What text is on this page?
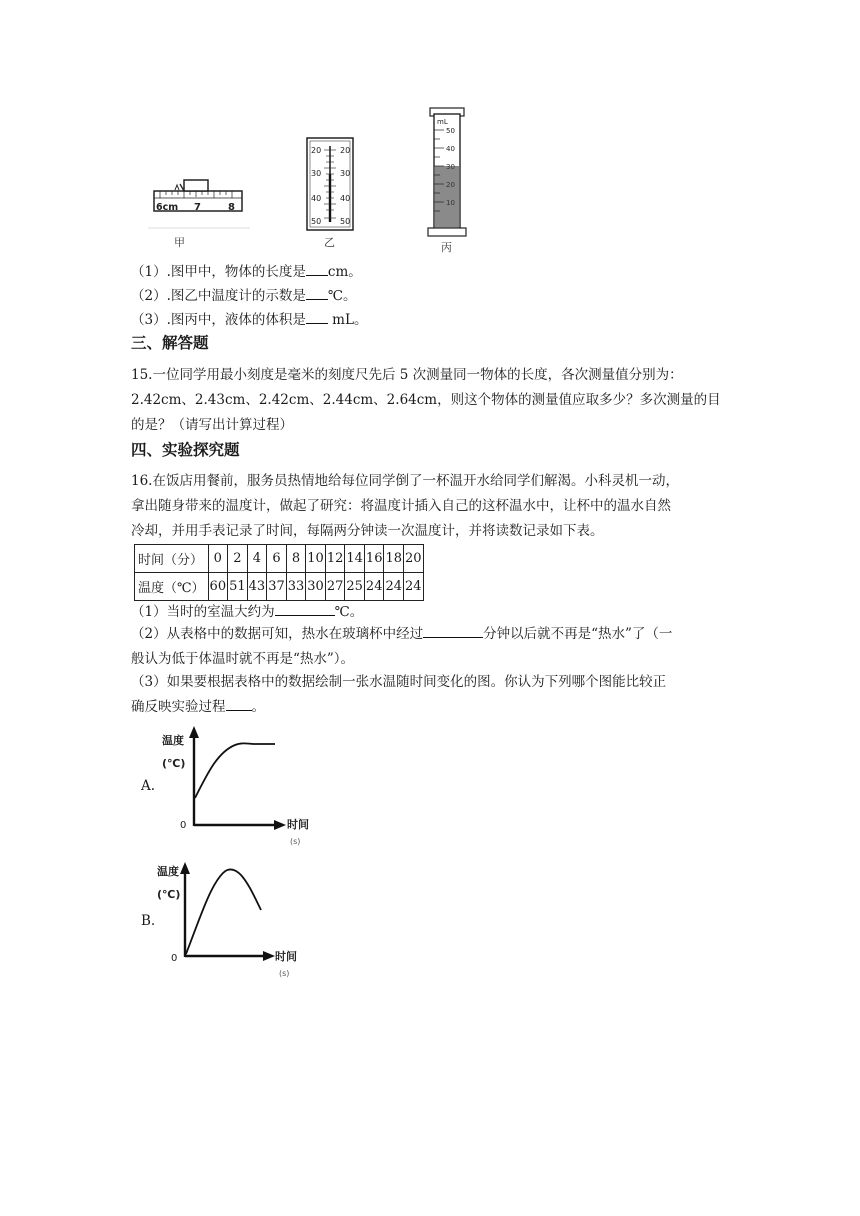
6cm 7	8
甲
20
30
40
50
20
30
40
50
乙
mL
50
40
30
20
10
丙
（1）.图甲中，物体的长度是 cm。
（2）.图乙中温度计的示数是 ℃。
（3）.图丙中，液体的体积是 mL。
三、解答题
15.一位同学用最小刻度是毫米的刻度尺先后 5 次测量同一物体的长度，各次测量值分别为：
2.42cm、2.43cm、2.42cm、2.44cm、2.64cm，则这个物体的测量值应取多少？多次测量的目
的是？（请写出计算过程）
四、实验探究题
16.在饭店用餐前，服务员热情地给每位同学倒了一杯温开水给同学们解渴。小科灵机一动，
拿出随身带来的温度计，做起了研究：将温度计插入自己的这杯温水中，让杯中的温水自然
冷却，并用手表记录了时间，每隔两分钟读一次温度计，并将读数记录如下表。
时间（分）	0	2	4	6	8	10	12	14	16	18	20
温度（℃）	60	51	43	37	33	30	27	25	24	24	24
（1）当时的室温大约为	℃。
（2）从表格中的数据可知，热水在玻璃杯中经过	分钟以后就不再是“热水”了（一
般认为低于体温时就不再是“热水”）。
（3）如果要根据表格中的数据绘制一张水温随时间变化的图。你认为下列哪个图能比较正
确反映实验过程 。
A.
温度
(℃)
0	时间
(s)
B.
温度
(℃)
0	时间
(s)
